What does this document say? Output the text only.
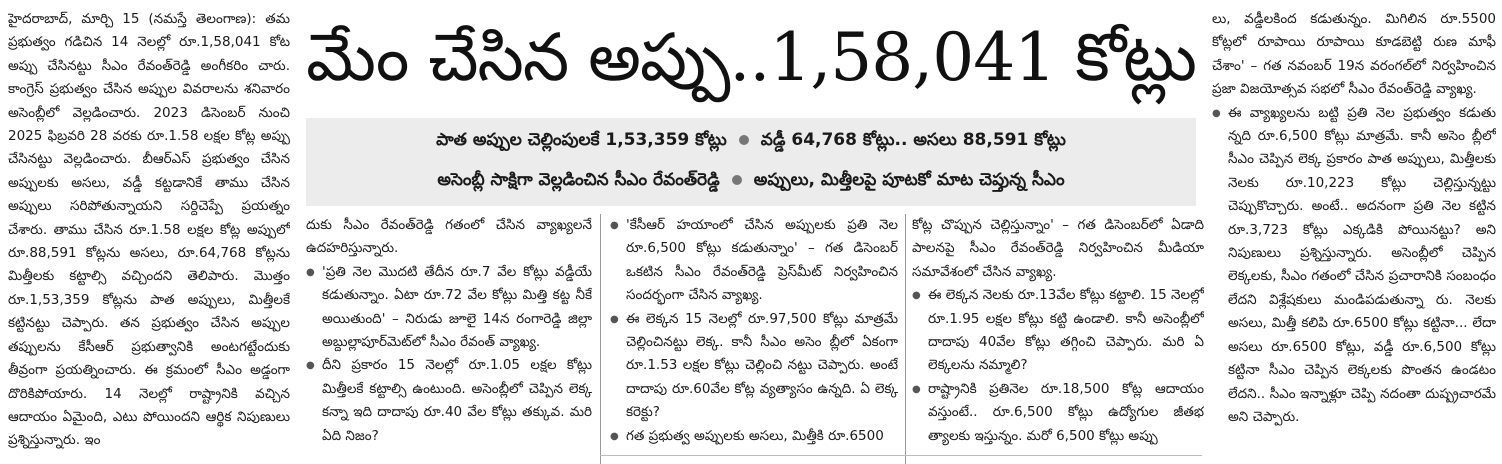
మేం చేసిన అప్పు..1,58,041 కోట్లు
పాత అప్పుల చెల్లింపులకే 1,53,359 కోట్లు వడ్డీ 64,768 కోట్లు.. అసలు 88,591 కోట్లు
అసెంబ్లీ సాక్షిగా వెల్లడించిన సీఎం రేవంత్‌రెడ్డి అప్పులు, మిత్తీలపై పూటకో మాట చెప్తున్న సీఎం

హైదరాబాద్, మార్చి 15 (నమస్తే తెలంగాణ): తమ ప్రభుత్వం గడిచిన 14 నెలల్లో రూ.1,58,041 కోట అప్పు చేసినట్టు సీఎం రేవంత్‌రెడ్డి అంగీకరిం చారు. కాంగ్రెస్ ప్రభుత్వం చేసిన అప్పుల వివరాలను శనివారం అసెంబ్లీలో వెల్లడించారు. 2023 డిసెంబర్ నుంచి 2025 ఫిబ్రవరి 28 వరకు రూ.1.58 లక్షల కోట్ల అప్పు చేసినట్టు వెల్లడించారు. బీఆర్‌ఎస్ ప్రభుత్వం చేసిన అప్పులకు అసలు, వడ్డీ కట్టడానికే తాము చేసిన అప్పులు సరిపోతున్నాయని సర్దిచెప్పే ప్రయత్నం చేశారు. తాము చేసిన రూ.1.58 లక్షల కోట్ల అప్పులో రూ.88,591 కోట్లను అసలు, రూ.64,768 కోట్లను మిత్తీలకు కట్టాల్సి వచ్చిందని తెలిపారు. మొత్తం రూ.1,53,359 కోట్లను పాత అప్పులు, మిత్తీలకే కట్టినట్టు చెప్పారు. తన ప్రభుత్వం చేసిన అప్పుల తప్పులను కేసీఆర్ ప్రభుత్వానికి అంటగట్టేందుకు తీవ్రంగా ప్రయత్నించారు. ఈ క్రమంలో సీఎం అడ్డంగా దొరికిపోయారు. 14 నెలల్లో రాష్ట్రానికి వచ్చిన ఆదాయం ఏమైంది, ఎటు పోయిందని ఆర్థిక నిపుణులు ప్రశ్నిస్తున్నారు. ఇం

దుకు సీఎం రేవంత్‌రెడ్డి గతంలో చేసిన వ్యాఖ్యలనే ఉదహరిస్తున్నారు.

● 'ప్రతి నెల మొదటి తేదీన రూ.7 వేల కోట్లు వడ్డీయే కడుతున్నాం. ఏటా రూ.72 వేల కోట్లు మిత్తి కట్ట నీకే అయితుంది' – నిరుడు జూలై 14న రంగారెడ్డి జిల్లా అబ్దుల్లాపూర్‌మెట్‌లో సీఎం రేవంత్ వ్యాఖ్య.

● దీని ప్రకారం 15 నెలల్లో రూ.1.05 లక్షల కోట్లు మిత్తీలకే కట్టాల్సి ఉంటుంది. అసెంబ్లీలో చెప్పిన లెక్క కన్నా ఇది దాదాపు రూ.40 వేల కోట్లు తక్కువ. మరి ఏది నిజం?

● 'కేసీఆర్ హయాంలో చేసిన అప్పులకు ప్రతి నెల రూ.6,500 కోట్లు కడుతున్నాం' – గత డిసెంబర్ ఒకటిన సీఎం రేవంత్‌రెడ్డి ప్రెస్‌మీట్ నిర్వహించిన సందర్భంగా చేసిన వ్యాఖ్య.

● ఈ లెక్కన 15 నెలల్లో రూ.97,500 కోట్లు మాత్రమే చెల్లించినట్టు లెక్క. కానీ సీఎం అసెం బ్లీలో ఏకంగా రూ.1.53 లక్షల కోట్లు చెల్లించి నట్టు చెప్పారు. అంటే దాదాపు రూ.60వేల కోట్ల వ్యత్యాసం ఉన్నది. ఏ లెక్క కరెక్టు?

● గత ప్రభుత్వ అప్పులకు అసలు, మిత్తీకి రూ.6500

కోట్ల చొప్పున చెల్లిస్తున్నాం' – గత డిసెంబర్‌లో ఏడాది పాలనపై సీఎం రేవంత్‌రెడ్డి నిర్వహించిన మీడియా సమావేశంలో చేసిన వ్యాఖ్య.

● ఈ లెక్కన నెలకు రూ.13వేల కోట్లు కట్టాలి. 15 నెలల్లో రూ.1.95 లక్షల కోట్లు కట్టి ఉండాలి. కానీ అసెంబ్లీలో దాదాపు 40వేల కోట్లు తగ్గించి చెప్పారు. మరి ఏ లెక్కలను నమ్మాలి?

● రాష్ట్రానికి ప్రతినెల రూ.18,500 కోట్ల ఆదాయం వస్తుంటే.. రూ.6,500 కోట్లు ఉద్యోగుల జీతభ త్యాలకు ఇస్తున్నం. మరో 6,500 కోట్లు అప్పు

లు, వడ్డీలకింద కడుతున్నం. మిగిలిన రూ.5500 కోట్లలో రూపాయి రూపాయి కూడబెట్టి రుణ మాఫీ చేశాం' – గత నవంబర్ 19న వరంగల్‌లో నిర్వహించిన ప్రజా విజయోత్సవ సభలో సీఎం రేవంత్‌రెడ్డి వ్యాఖ్య.

● ఈ వ్యాఖ్యలను బట్టి ప్రతి నెల ప్రభుత్వం కడుతు న్నది రూ.6,500 కోట్లు మాత్రమే. కానీ అసెం బ్లీలో సీఎం చెప్పిన లెక్క ప్రకారం పాత అప్పులు, మిత్తీలకు నెలకు రూ.10,223 కోట్లు చెల్లిస్తున్నట్టు చెప్పుకొచ్చారు. అంటే.. అదనంగా ప్రతి నెల కట్టిన రూ.3,723 కోట్లు ఎక్కడికి పోయినట్టు? అని నిపుణులు ప్రశ్నిస్తున్నారు. అసెంబ్లీలో చెప్పిన లెక్కలకు, సీఎం గతంలో చేసిన ప్రచారానికి సంబంధం లేదని విశ్లేషకులు మండిపడుతున్నా రు. నెలకు అసలు, మిత్తీ కలిపి రూ.6500 కోట్లు కట్టినా... లేదా అసలు రూ.6500 కోట్లు, వడ్డీ రూ.6,500 కోట్లు కట్టినా సీఎం చెప్పిన లెక్కలకు పొంతన ఉండటం లేదని.. సీఎం ఇన్నాళ్లూ చెప్పి నదంతా దుష్ప్రచారమే అని చెప్పారు.
